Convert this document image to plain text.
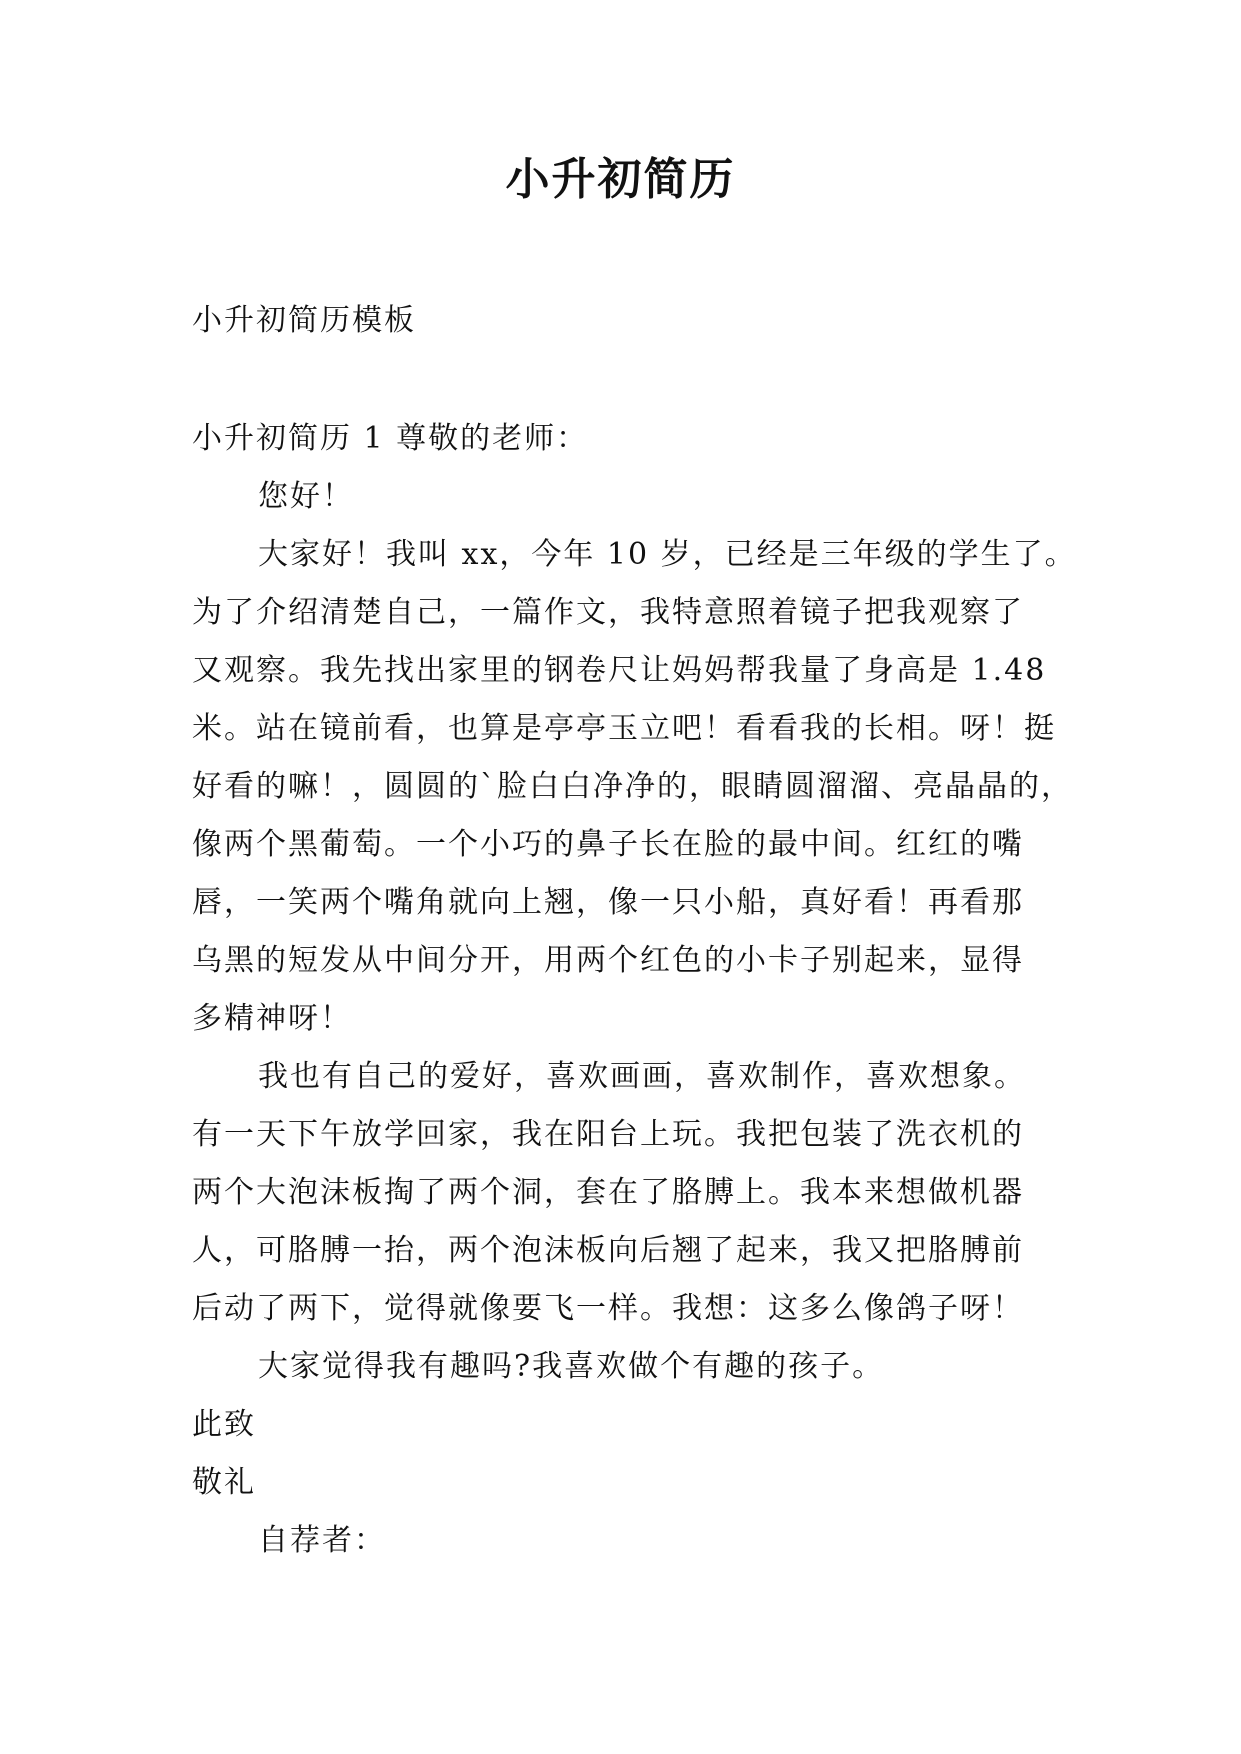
小升初简历

小升初简历模板

小升初简历 1 尊敬的老师：

您好！

大家好！我叫 xx，今年 10 岁，已经是三年级的学生了。

为了介绍清楚自己，一篇作文，我特意照着镜子把我观察了

又观察。我先找出家里的钢卷尺让妈妈帮我量了身高是 1.48

米。站在镜前看，也算是亭亭玉立吧！看看我的长相。呀！挺

好看的嘛！，圆圆的`脸白白净净的，眼睛圆溜溜、亮晶晶的，

像两个黑葡萄。一个小巧的鼻子长在脸的最中间。红红的嘴

唇，一笑两个嘴角就向上翘，像一只小船，真好看！再看那

乌黑的短发从中间分开，用两个红色的小卡子别起来，显得

多精神呀！

我也有自己的爱好，喜欢画画，喜欢制作，喜欢想象。

有一天下午放学回家，我在阳台上玩。我把包装了洗衣机的

两个大泡沫板掏了两个洞，套在了胳膊上。我本来想做机器

人，可胳膊一抬，两个泡沫板向后翘了起来，我又把胳膊前

后动了两下，觉得就像要飞一样。我想：这多么像鸽子呀！

大家觉得我有趣吗?我喜欢做个有趣的孩子。

此致

敬礼

自荐者：
